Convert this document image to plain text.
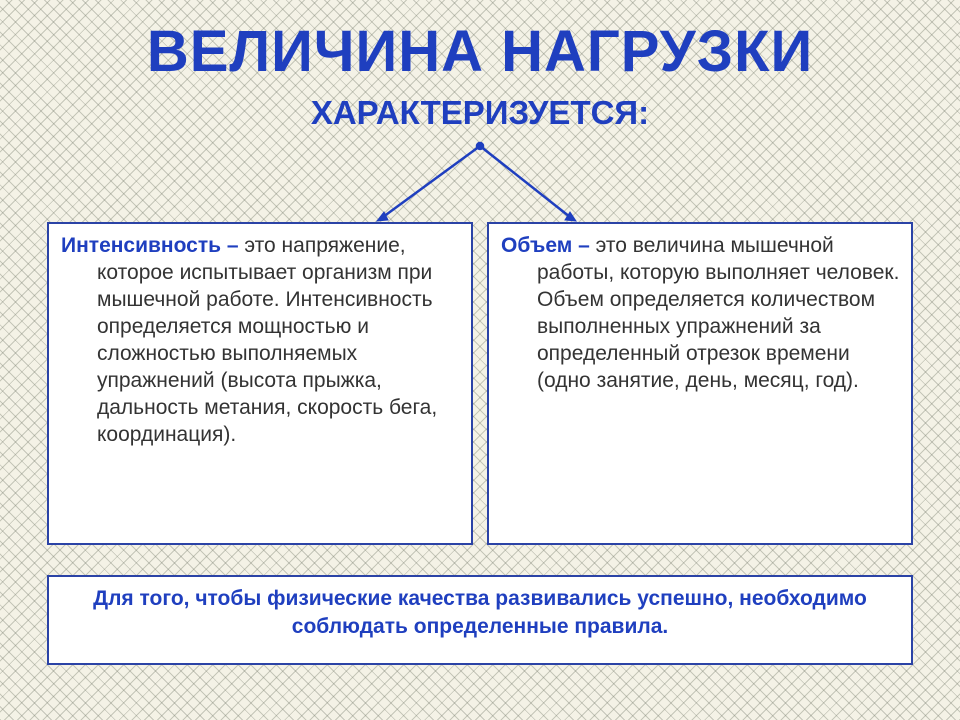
ВЕЛИЧИНА НАГРУЗКИ
ХАРАКТЕРИЗУЕТСЯ:
Интенсивность – это напряжение, которое испытывает организм при мышечной работе. Интенсивность определяется мощностью и сложностью выполняемых упражнений (высота прыжка, дальность метания, скорость бега, координация).
Объем – это величина мышечной работы, которую выполняет человек. Объем определяется количеством выполненных упражнений за определенный отрезок времени (одно занятие, день, месяц, год).
Для того, чтобы физические качества развивались успешно, необходимо соблюдать определенные правила.
